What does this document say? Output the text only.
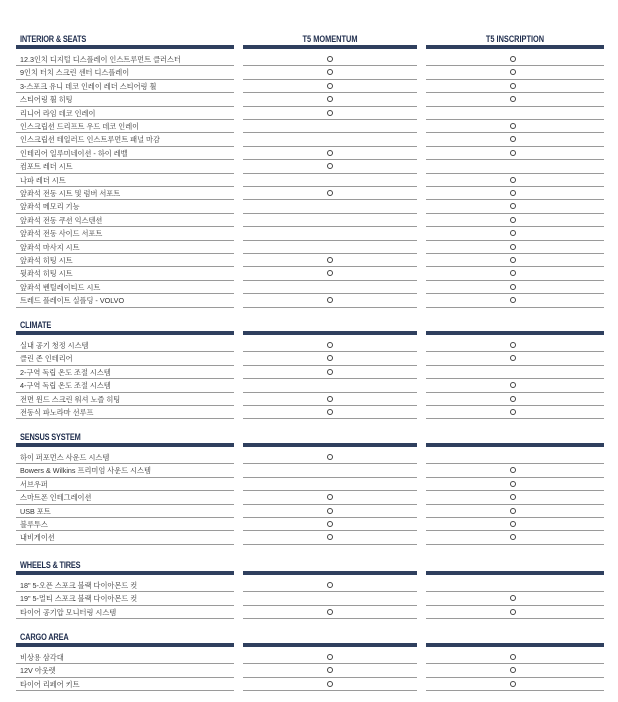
INTERIOR & SEATS	T5 MOMENTUM	T5 INSCRIPTION
12.3인치 디지털 디스플레이 인스트루먼트 클러스터
9인치 터치 스크린 센터 디스플레이
3-스포크 유니 데코 인레이 레더 스티어링 휠
스티어링 휠 히팅
리니어 라임 데코 인레이
인스크립션 드리프트 우드 데코 인레이
인스크립션 테일러드 인스트루먼트 패널 마감
인테리어 일루미네이션 - 하이 레벨
컴포트 레더 시트
나파 레더 시트
앞좌석 전동 시트 및 럼버 서포트
앞좌석 메모리 기능
앞좌석 전동 쿠션 익스텐션
앞좌석 전동 사이드 서포트
앞좌석 마사지 시트
앞좌석 히팅 시트
뒷좌석 히팅 시트
앞좌석 벤틸레이티드 시트
트레드 플레이트 실플딩 - VOLVO
CLIMATE
실내 공기 청정 시스템
클린 존 인테리어
2-구역 독립 온도 조절 시스템
4-구역 독립 온도 조절 시스템
전면 윈드 스크린 워셔 노즐 히팅
전동식 파노라마 선루프
SENSUS SYSTEM
하이 퍼포먼스 사운드 시스템
Bowers & Wilkins 프리미엄 사운드 시스템
서브우퍼
스마트폰 인테그레이션
USB 포트
블루투스
내비게이션
WHEELS & TIRES
18" 5-오픈 스포크 블랙 다이아몬드 컷
19" 5-멀티 스포크 블랙 다이아몬드 컷
타이어 공기압 모니터링 시스템
CARGO AREA
비상용 삼각대
12V 아웃렛
타이어 리페어 키트
